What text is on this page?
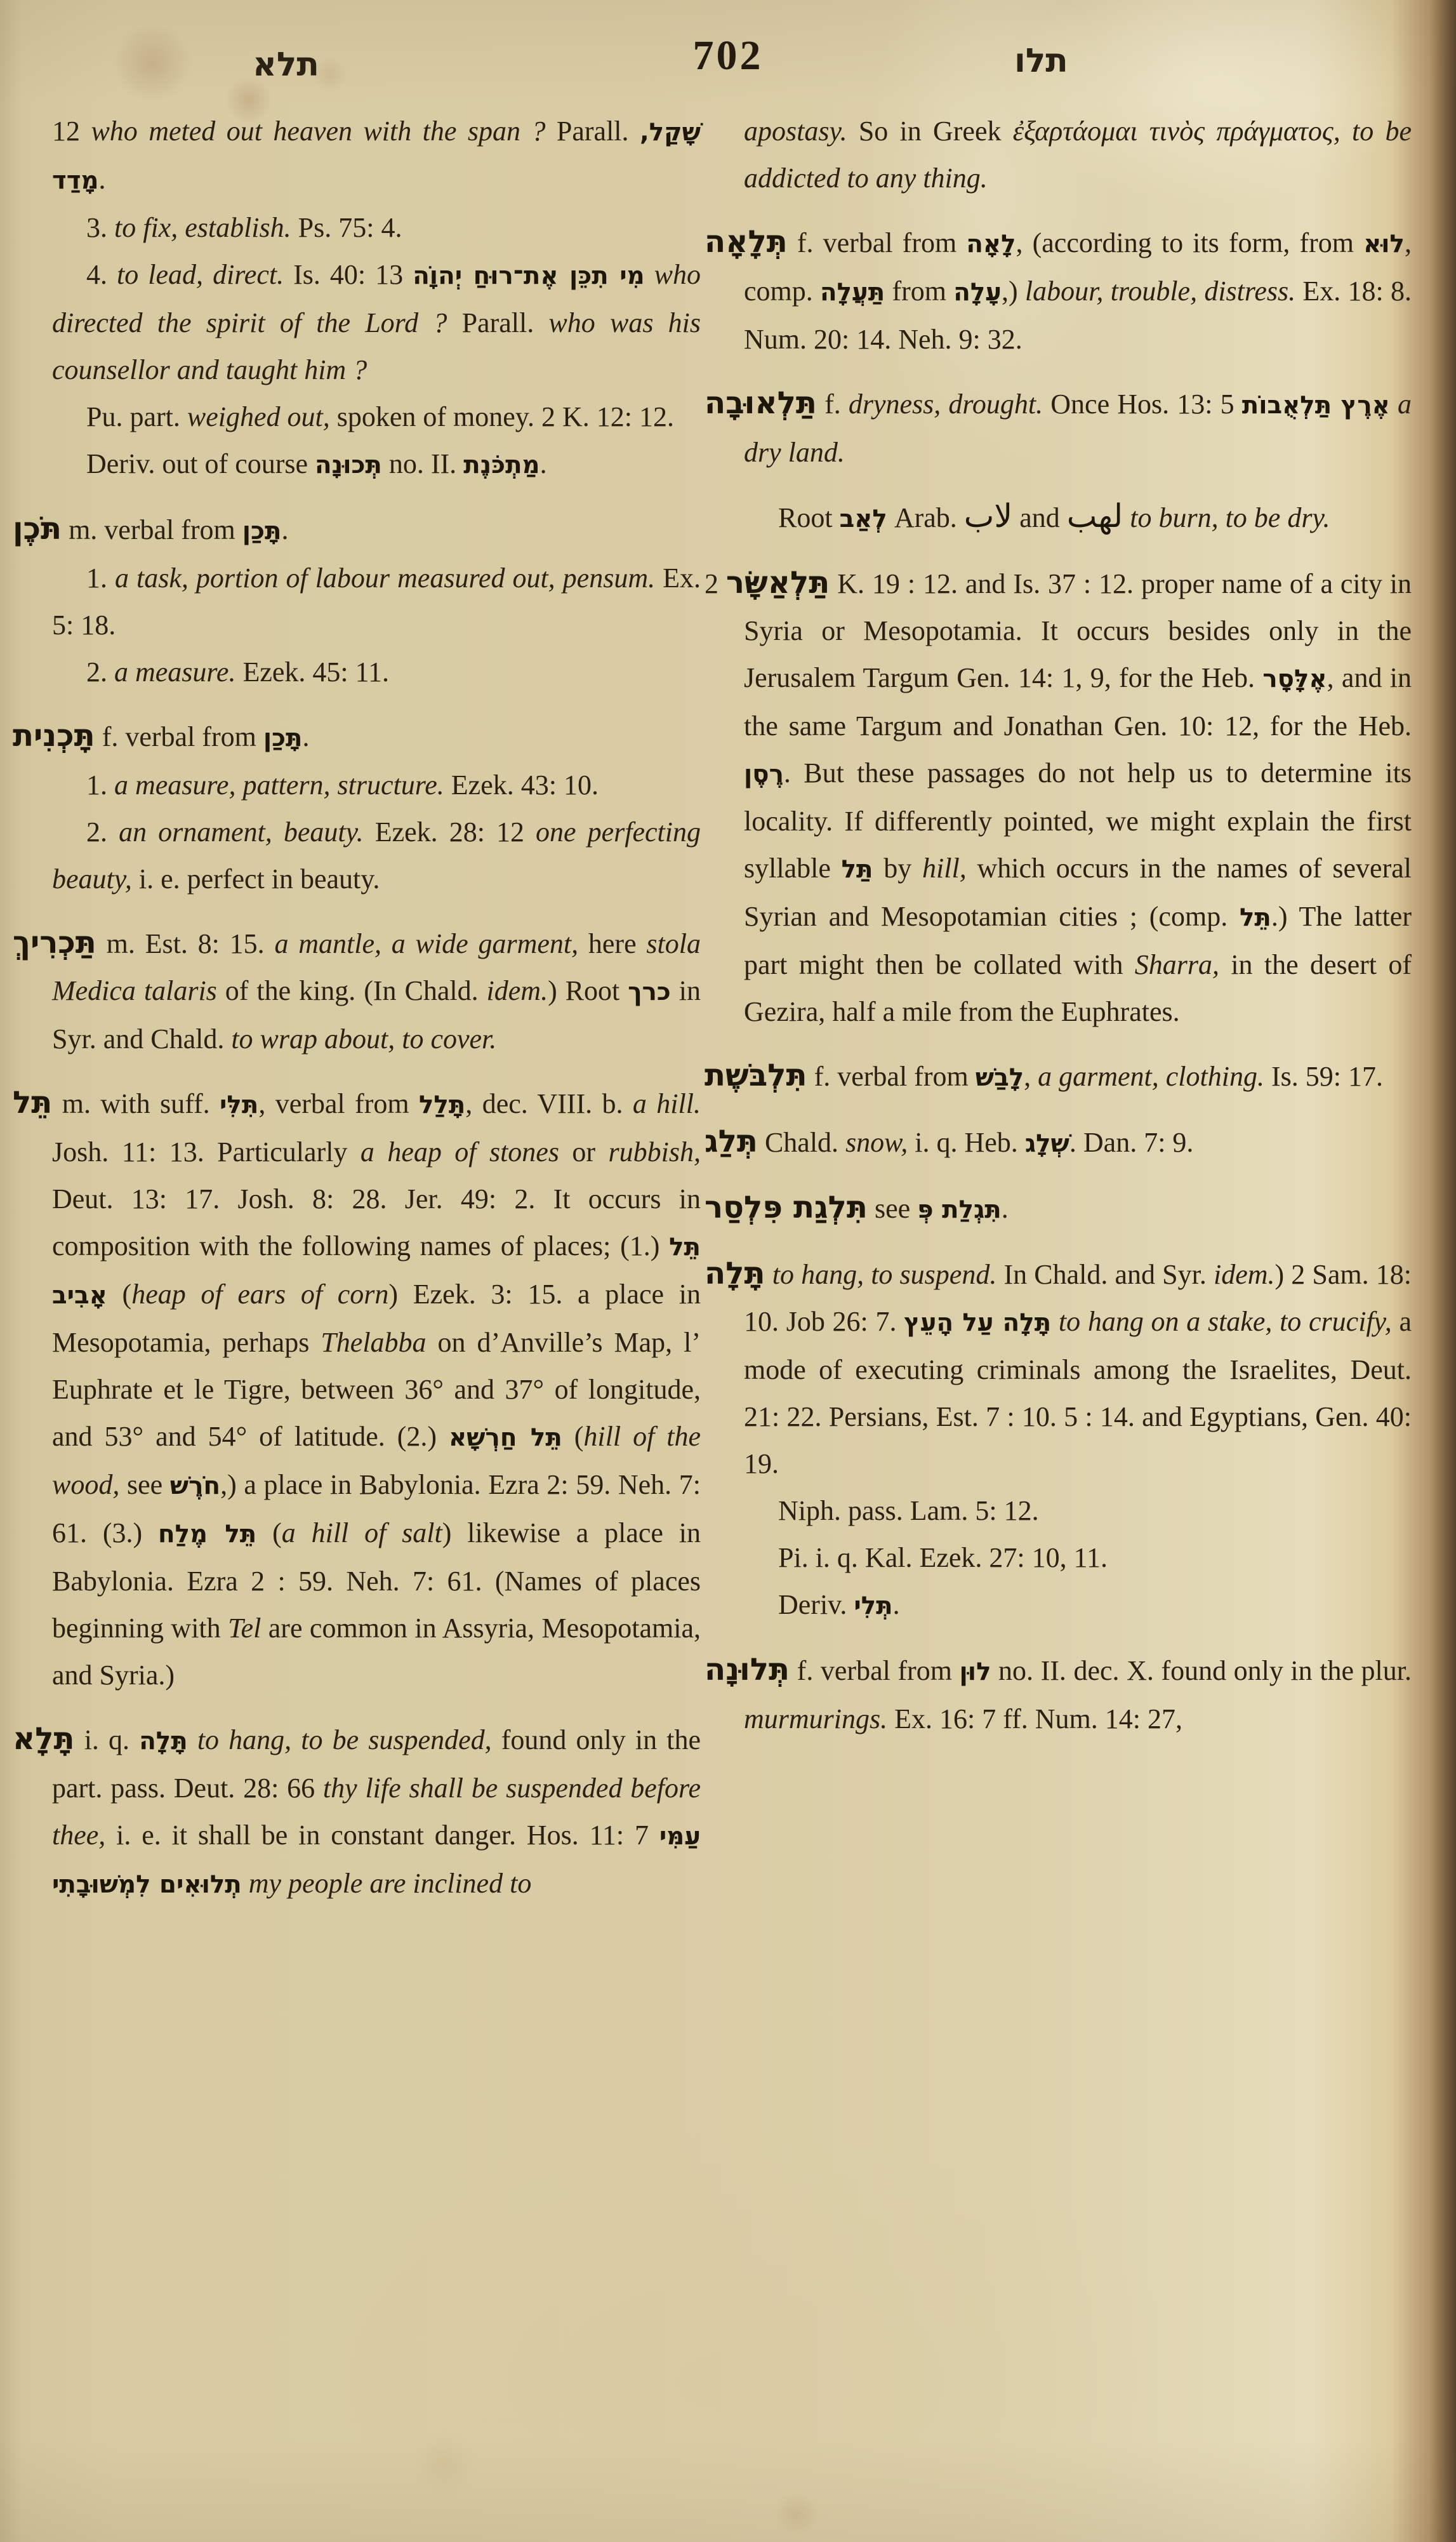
תלא	702	תלו

12 who meted out heaven with the span ? Parall. שָׁקַל, מָדַד.

3. to fix, establish. Ps. 75: 4.

4. to lead, direct. Is. 40: 13 מִי תִכֵּן אֶת־רוּחַ יְהוָֹה who directed the spirit of the Lord ? Parall. who was his counsellor and taught him ?

Pu. part. weighed out, spoken of money. 2 K. 12: 12.

Deriv. out of course תְּכוּנָה no. II. מַתְכֹּנֶת.

תֹּכֶן m. verbal from תָּכַן.

1. a task, portion of labour measured out, pensum. Ex. 5: 18.

2. a measure. Ezek. 45: 11.

תָּכְנִית f. verbal from תָּכַן.

1. a measure, pattern, structure. Ezek. 43: 10.

2. an ornament, beauty. Ezek. 28: 12 one perfecting beauty, i. e. perfect in beauty.

תַּכְרִיךְ m. Est. 8: 15. a mantle, a wide garment, here stola Medica talaris of the king. (In Chald. idem.) Root כרך in Syr. and Chald. to wrap about, to cover.

תֵּל m. with suff. תִּלִּי, verbal from תָּלַל, dec. VIII. b. a hill. Josh. 11: 13. Particularly a heap of stones or rubbish, Deut. 13: 17. Josh. 8: 28. Jer. 49: 2. It occurs in composition with the following names of places; (1.) תֵּל אָבִיב (heap of ears of corn) Ezek. 3: 15. a place in Mesopotamia, perhaps Thelabba on d’Anville’s Map, l’ Euphrate et le Tigre, between 36° and 37° of longitude, and 53° and 54° of latitude. (2.) תֵּל חַרְשָׁא (hill of the wood, see חֹרֶשׁ,) a place in Babylonia. Ezra 2: 59. Neh. 7: 61. (3.) תֵּל מֶלַח (a hill of salt) likewise a place in Babylonia. Ezra 2 : 59. Neh. 7: 61. (Names of places beginning with Tel are common in Assyria, Mesopotamia, and Syria.)

תָּלָא i. q. תָּלָה to hang, to be suspended, found only in the part. pass. Deut. 28: 66 thy life shall be suspended before thee, i. e. it shall be in constant danger. Hos. 11: 7 עַמִּי תְלוּאִים לִמְשׁוּבָתִי my people are inclined to

apostasy. So in Greek ἐξαρτάομαι τινὸς πράγματος, to be addicted to any thing.

תְּלָאָה f. verbal from לָאָה, (according to its form, from לוּא, comp. תַּעֲלָה from עָלָה,) labour, trouble, distress. Ex. 18: 8. Num. 20: 14. Neh. 9: 32.

תַּלְאוּבָה f. dryness, drought. Once Hos. 13: 5 אֶרֶץ תַּלְאֻבוֹת a dry land.

Root לְאַב Arab. لاب and لهب to burn, to be dry.

תַּלְאַשָּׂר 2 K. 19 : 12. and Is. 37 : 12. proper name of a city in Syria or Mesopotamia. It occurs besides only in the Jerusalem Targum Gen. 14: 1, 9, for the Heb. אֶלָּסָר, and in the same Targum and Jonathan Gen. 10: 12, for the Heb. רֶסֶן. But these passages do not help us to determine its locality. If differently pointed, we might explain the first syllable תַּל by hill, which occurs in the names of several Syrian and Mesopotamian cities ; (comp. תֵּל.) The latter part might then be collated with Sharra, in the desert of Gezira, half a mile from the Euphrates.

תִּלְבּשֶׁת f. verbal from לָבַשׁ, a garment, clothing. Is. 59: 17.

תְּלַג Chald. snow, i. q. Heb. שְׁלָג. Dan. 7: 9.

תִּלְגַת פִּלְסַר see תִּגְלַת פְּ.

תָּלָה to hang, to suspend. In Chald. and Syr. idem.) 2 Sam. 18: 10. Job 26: 7. תָּלָה עַל הָעֵץ to hang on a stake, to crucify, a mode of executing criminals among the Israelites, Deut. 21: 22. Persians, Est. 7 : 10. 5 : 14. and Egyptians, Gen. 40: 19.

Niph. pass. Lam. 5: 12.

Pi. i. q. Kal. Ezek. 27: 10, 11.

Deriv. תְּלִי.

תְּלוּנָה f. verbal from לוּן no. II. dec. X. found only in the plur. murmurings. Ex. 16: 7 ff. Num. 14: 27,
